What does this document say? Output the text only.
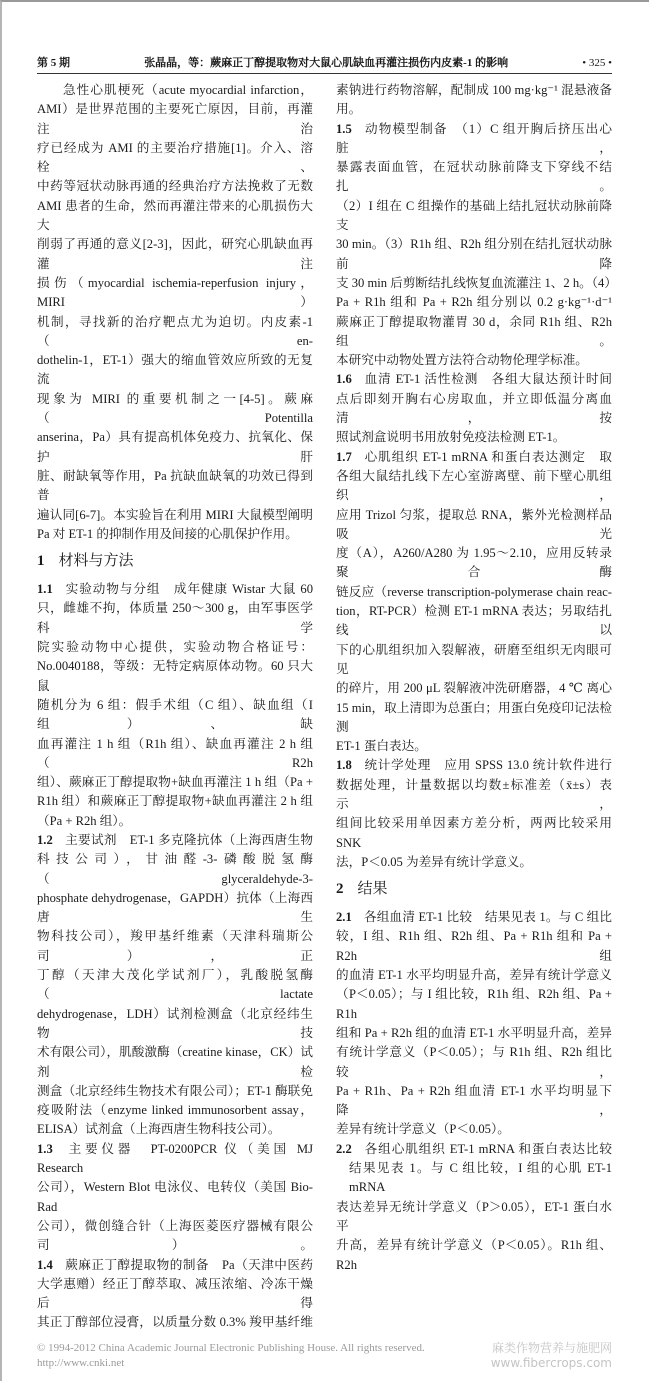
第 5 期	张晶晶，等：蕨麻正丁醇提取物对大鼠心肌缺血再灌注损伤内皮素-1 的影响	• 325 •
急性心肌梗死（acute myocardial infarction，
AMI）是世界范围的主要死亡原因，目前，再灌注治
疗已经成为 AMI 的主要治疗措施[1]。介入、溶栓、
中药等冠状动脉再通的经典治疗方法挽救了无数
AMI 患者的生命，然而再灌注带来的心肌损伤大大
削弱了再通的意义[2-3]，因此，研究心肌缺血再灌注
损伤（myocardial ischemia-reperfusion injury，MIRI）
机制，寻找新的治疗靶点尤为迫切。内皮素-1（en-
dothelin-1，ET-1）强大的缩血管效应所致的无复流
现象为 MIRI 的重要机制之一[4-5]。蕨麻（Potentilla
anserina，Pa）具有提高机体免疫力、抗氧化、保护肝
脏、耐缺氧等作用，Pa 抗缺血缺氧的功效已得到普
遍认同[6-7]。本实验旨在利用 MIRI 大鼠模型阐明
Pa 对 ET-1 的抑制作用及间接的心肌保护作用。
1 材料与方法
1.1 实验动物与分组　成年健康 Wistar 大鼠 60
只，雌雄不拘，体质量 250～300 g，由军事医学科学
院实验动物中心提供，实验动物合格证号：
No.0040188，等级：无特定病原体动物。60 只大鼠
随机分为 6 组：假手术组（C 组）、缺血组（I 组）、缺
血再灌注 1 h 组（R1h 组）、缺血再灌注 2 h 组（R2h
组）、蕨麻正丁醇提取物+缺血再灌注 1 h 组（Pa +
R1h 组）和蕨麻正丁醇提取物+缺血再灌注 2 h 组
（Pa + R2h 组）。
1.2 主要试剂　ET-1 多克隆抗体（上海西唐生物
科技公司），甘油醛-3-磷酸脱氢酶（glyceraldehyde-3-
phosphate dehydrogenase，GAPDH）抗体（上海西唐生
物科技公司），羧甲基纤维素（天津科瑞斯公司），正
丁醇（天津大茂化学试剂厂），乳酸脱氢酶（lactate
dehydrogenase，LDH）试剂检测盒（北京经纬生物技
术有限公司），肌酸激酶（creatine kinase，CK）试剂检
测盒（北京经纬生物技术有限公司）；ET-1 酶联免
疫吸附法（enzyme linked immunosorbent assay，
ELISA）试剂盒（上海西唐生物科技公司）。
1.3 主要仪器　PT-0200PCR 仪（美国 MJ Research
公司），Western Blot 电泳仪、电转仪（美国 Bio-Rad
公司），微创缝合针（上海医菱医疗器械有限公司）。
1.4 蕨麻正丁醇提取物的制备　Pa（天津中医药
大学惠赠）经正丁醇萃取、减压浓缩、冷冻干燥后得
其正丁醇部位浸膏，以质量分数 0.3% 羧甲基纤维
素钠进行药物溶解，配制成 100 mg·kg⁻¹ 混悬液备
用。
1.5 动物模型制备　（1）C 组开胸后挤压出心脏，
暴露表面血管，在冠状动脉前降支下穿线不结扎。
（2）I 组在 C 组操作的基础上结扎冠状动脉前降支
30 min。（3）R1h 组、R2h 组分别在结扎冠状动脉前降
支 30 min 后剪断结扎线恢复血流灌注 1、2 h。（4）
Pa + R1h 组和 Pa + R2h 组分别以 0.2 g·kg⁻¹·d⁻¹
蕨麻正丁醇提取物灌胃 30 d，余同 R1h 组、R2h 组。
本研究中动物处置方法符合动物伦理学标准。
1.6 血清 ET-1 活性检测　各组大鼠达预计时间
点后即刻开胸右心房取血，并立即低温分离血清，按
照试剂盒说明书用放射免疫法检测 ET-1。
1.7 心肌组织 ET-1 mRNA 和蛋白表达测定　取
各组大鼠结扎线下左心室游离壁、前下壁心肌组织，
应用 Trizol 匀浆，提取总 RNA，紫外光检测样品吸光
度（A），A260/A280 为 1.95～2.10，应用反转录聚合酶
链反应（reverse transcription-polymerase chain reac-
tion，RT-PCR）检测 ET-1 mRNA 表达；另取结扎线以
下的心肌组织加入裂解液，研磨至组织无肉眼可见
的碎片，用 200 μL 裂解液冲洗研磨器，4 ℃ 离心
15 min，取上清即为总蛋白；用蛋白免疫印记法检测
ET-1 蛋白表达。
1.8 统计学处理　应用 SPSS 13.0 统计软件进行
数据处理，计量数据以均数±标准差（x̄±s）表示，
组间比较采用单因素方差分析，两两比较采用 SNK
法，P＜0.05 为差异有统计学意义。
2 结果
2.1 各组血清 ET-1 比较　结果见表 1。与 C 组比
较，I 组、R1h 组、R2h 组、Pa + R1h 组和 Pa + R2h 组
的血清 ET-1 水平均明显升高，差异有统计学意义
（P＜0.05）；与 I 组比较，R1h 组、R2h 组、Pa + R1h
组和 Pa + R2h 组的血清 ET-1 水平明显升高，差异
有统计学意义（P＜0.05）；与 R1h 组、R2h 组比较，
Pa + R1h、Pa + R2h 组血清 ET-1 水平均明显下降，
差异有统计学意义（P＜0.05）。
2.2 各组心肌组织 ET-1 mRNA 和蛋白表达比较
结果见表 1。与 C 组比较，I 组的心肌 ET-1 mRNA
表达差异无统计学意义（P＞0.05），ET-1 蛋白水平
升高，差异有统计学意义（P＜0.05）。R1h 组、R2h
© 1994-2012 China Academic Journal Electronic Publishing House. All rights reserved. http://www.cnki.net
麻类作物营养与施肥网
www.fibercrops.com
